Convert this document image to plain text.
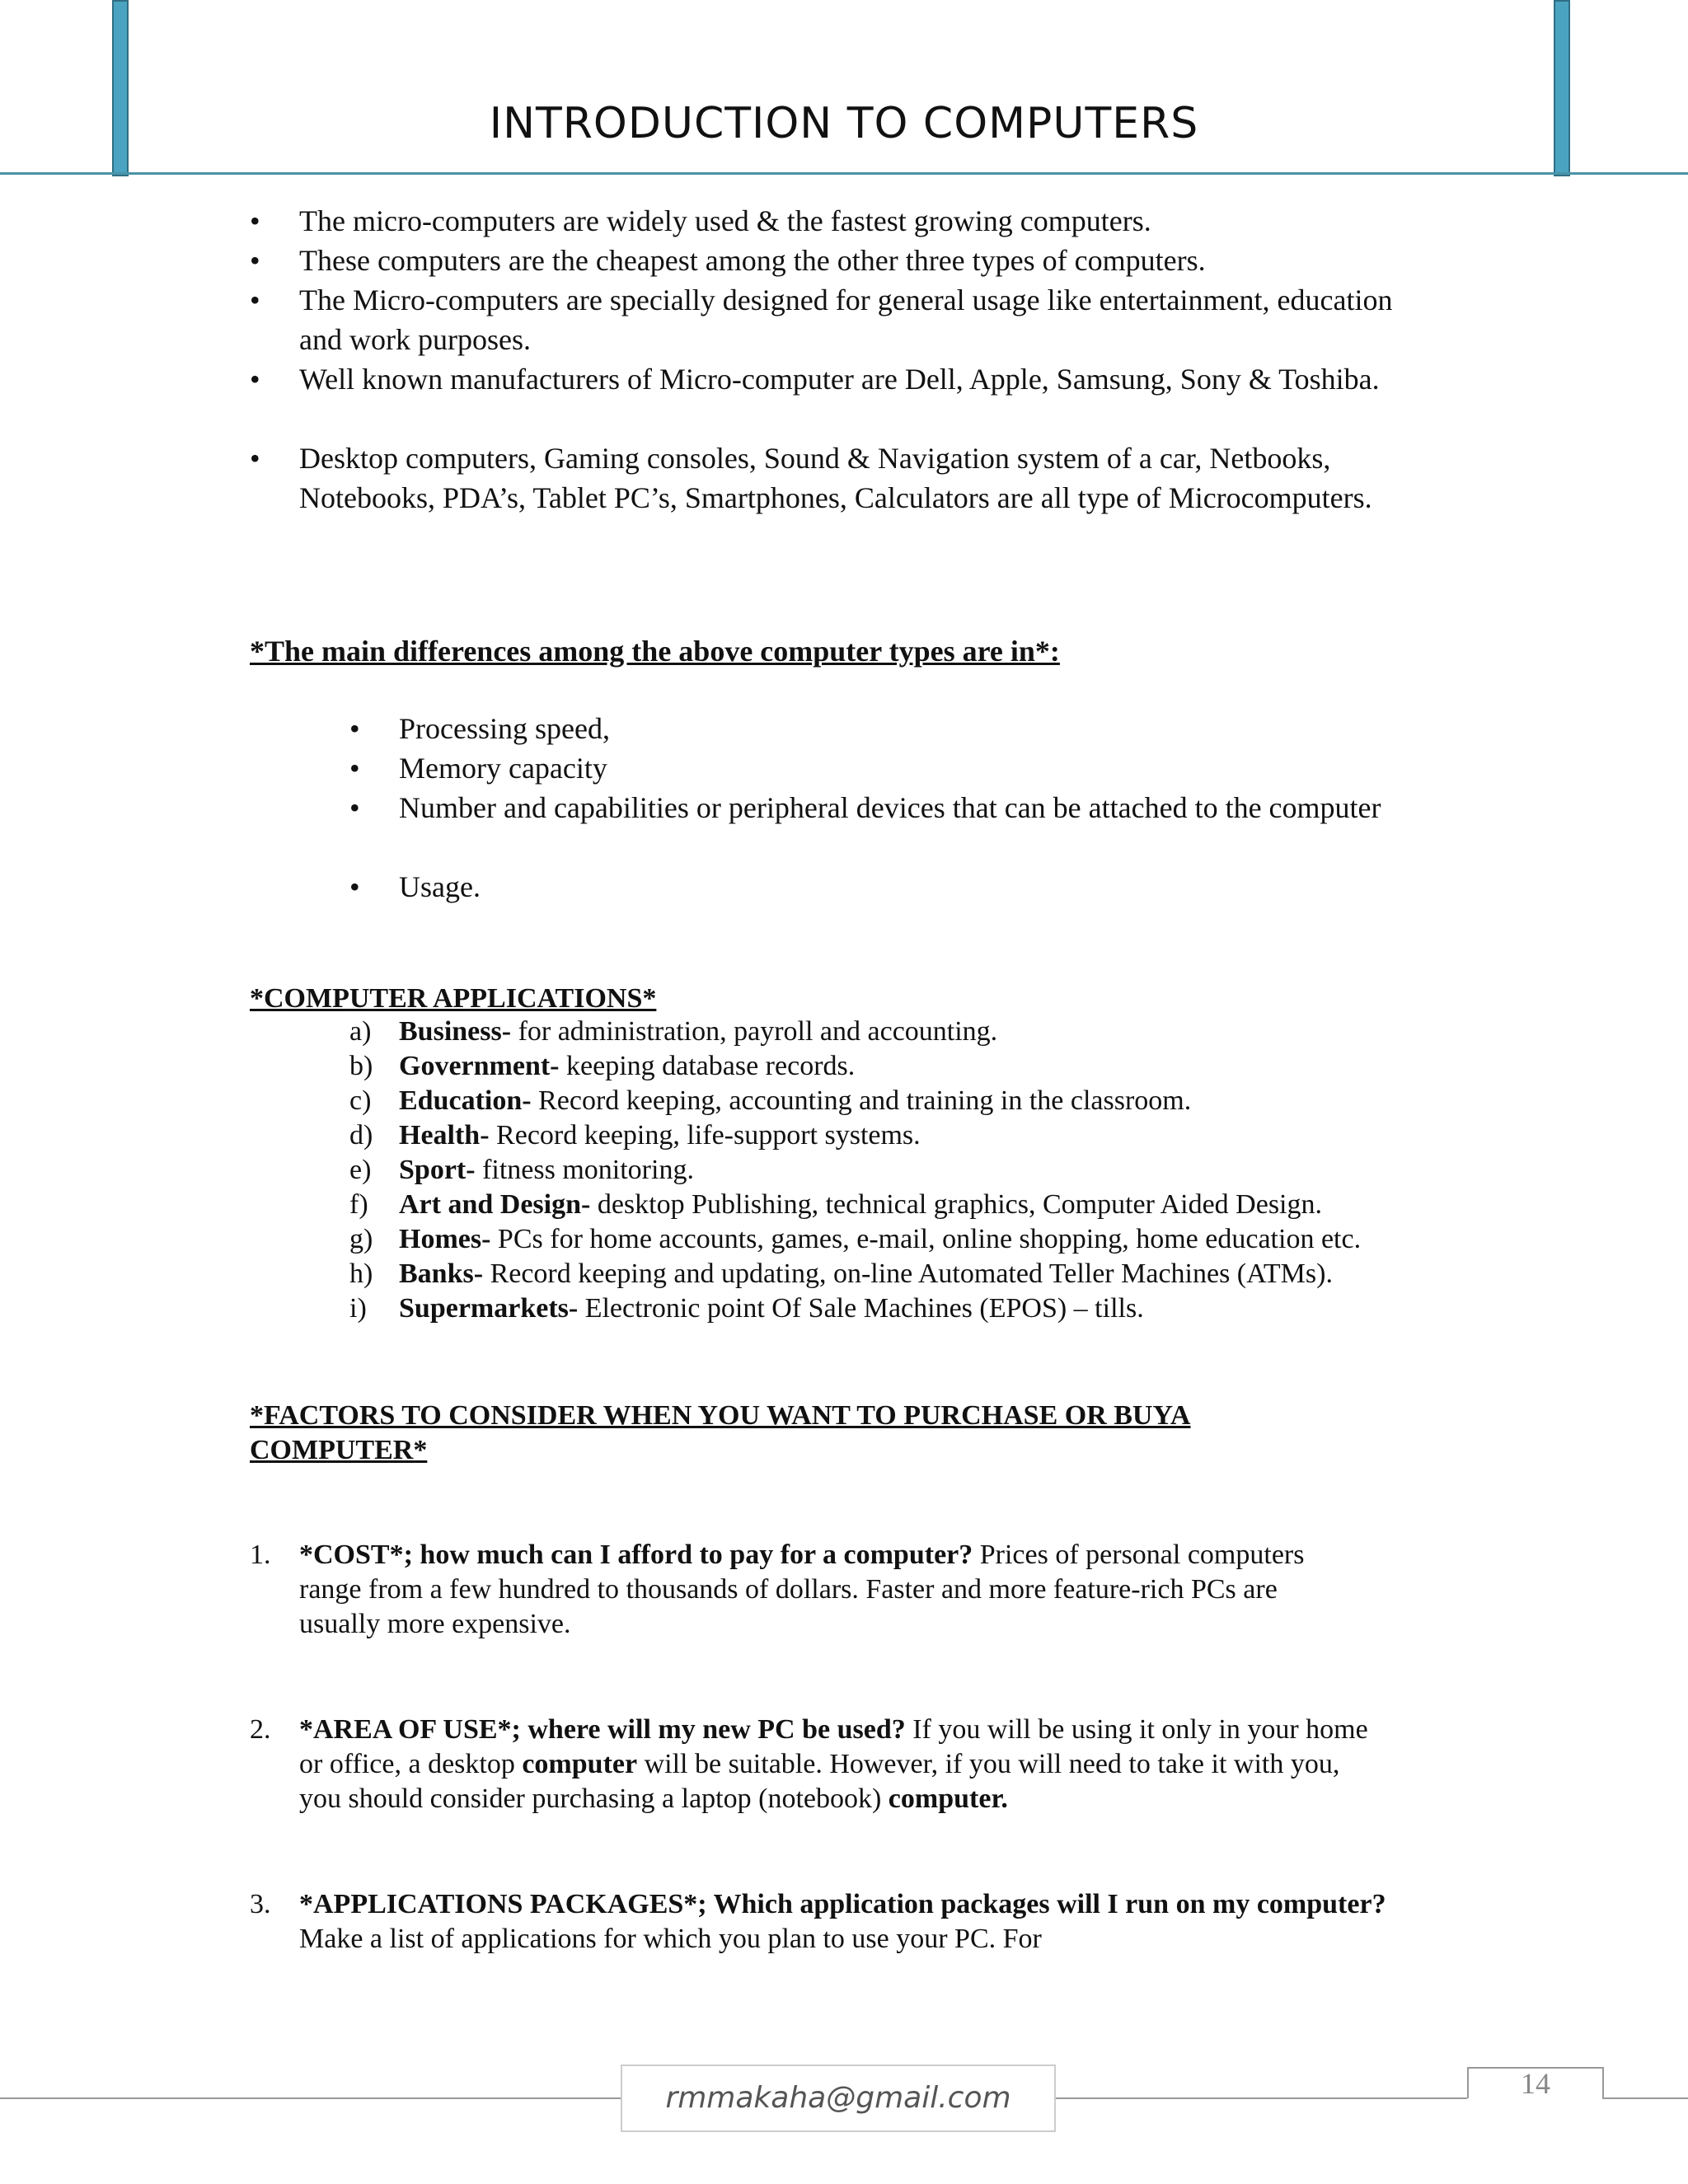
INTRODUCTION TO COMPUTERS
•	The micro-computers are widely used & the fastest growing computers.
•	These computers are the cheapest among the other three types of computers.
•	The Micro-computers are specially designed for general usage like entertainment, education and work purposes.
•	Well known manufacturers of Micro-computer are Dell, Apple, Samsung, Sony & Toshiba.
•	Desktop computers, Gaming consoles, Sound & Navigation system of a car, Netbooks, Notebooks, PDA’s, Tablet PC’s, Smartphones, Calculators are all type of Microcomputers.
*The main differences among the above computer types are in*:
•	Processing speed,
•	Memory capacity
•	Number and capabilities or peripheral devices that can be attached to the computer
•	Usage.
*COMPUTER APPLICATIONS*
a) Business- for administration, payroll and accounting.
b) Government- keeping database records.
c) Education- Record keeping, accounting and training in the classroom.
d) Health- Record keeping, life-support systems.
e) Sport- fitness monitoring.
f)	Art and Design- desktop Publishing, technical graphics, Computer Aided Design.
g) Homes- PCs for home accounts, games, e-mail, online shopping, home education etc.
h) Banks- Record keeping and updating, on-line Automated Teller Machines (ATMs).
i)	Supermarkets- Electronic point Of Sale Machines (EPOS) – tills.
*FACTORS TO CONSIDER WHEN YOU WANT TO PURCHASE OR BUYA
COMPUTER*
1. *COST*; how much can I afford to pay for a computer? Prices of personal computers range from a few hundred to thousands of dollars. Faster and more feature-rich PCs are usually more expensive.
2. *AREA OF USE*; where will my new PC be used? If you will be using it only in your home or office, a desktop computer will be suitable. However, if you will need to take it with you, you should consider purchasing a laptop (notebook) computer.
3. *APPLICATIONS PACKAGES*; Which application packages will I run on my computer? Make a list of applications for which you plan to use your PC. For
rmmakaha@gmail.com	14
